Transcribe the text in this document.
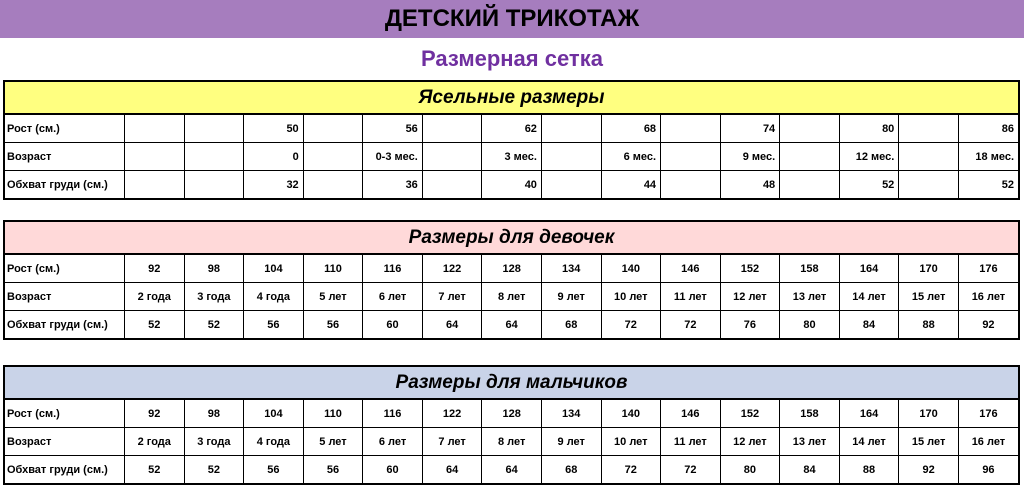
ДЕТСКИЙ ТРИКОТАЖ
Размерная сетка
Ясельные размеры
Рост (см.)			50		56		62		68		74		80		86
Возраст			0		0-3 мес.		3 мес.		6 мес.		9 мес.		12 мес.		18 мес.
Обхват груди (см.)			32		36		40		44		48		52		52
Размеры для девочек
Рост (см.)	92	98	104	110	116	122	128	134	140	146	152	158	164	170	176
Возраст	2 года	3 года	4 года	5 лет	6 лет	7 лет	8 лет	9 лет	10 лет	11 лет	12 лет	13 лет	14 лет	15 лет	16 лет
Обхват груди (см.)	52	52	56	56	60	64	64	68	72	72	76	80	84	88	92
Размеры для мальчиков
Рост (см.)	92	98	104	110	116	122	128	134	140	146	152	158	164	170	176
Возраст	2 года	3 года	4 года	5 лет	6 лет	7 лет	8 лет	9 лет	10 лет	11 лет	12 лет	13 лет	14 лет	15 лет	16 лет
Обхват груди (см.)	52	52	56	56	60	64	64	68	72	72	80	84	88	92	96
